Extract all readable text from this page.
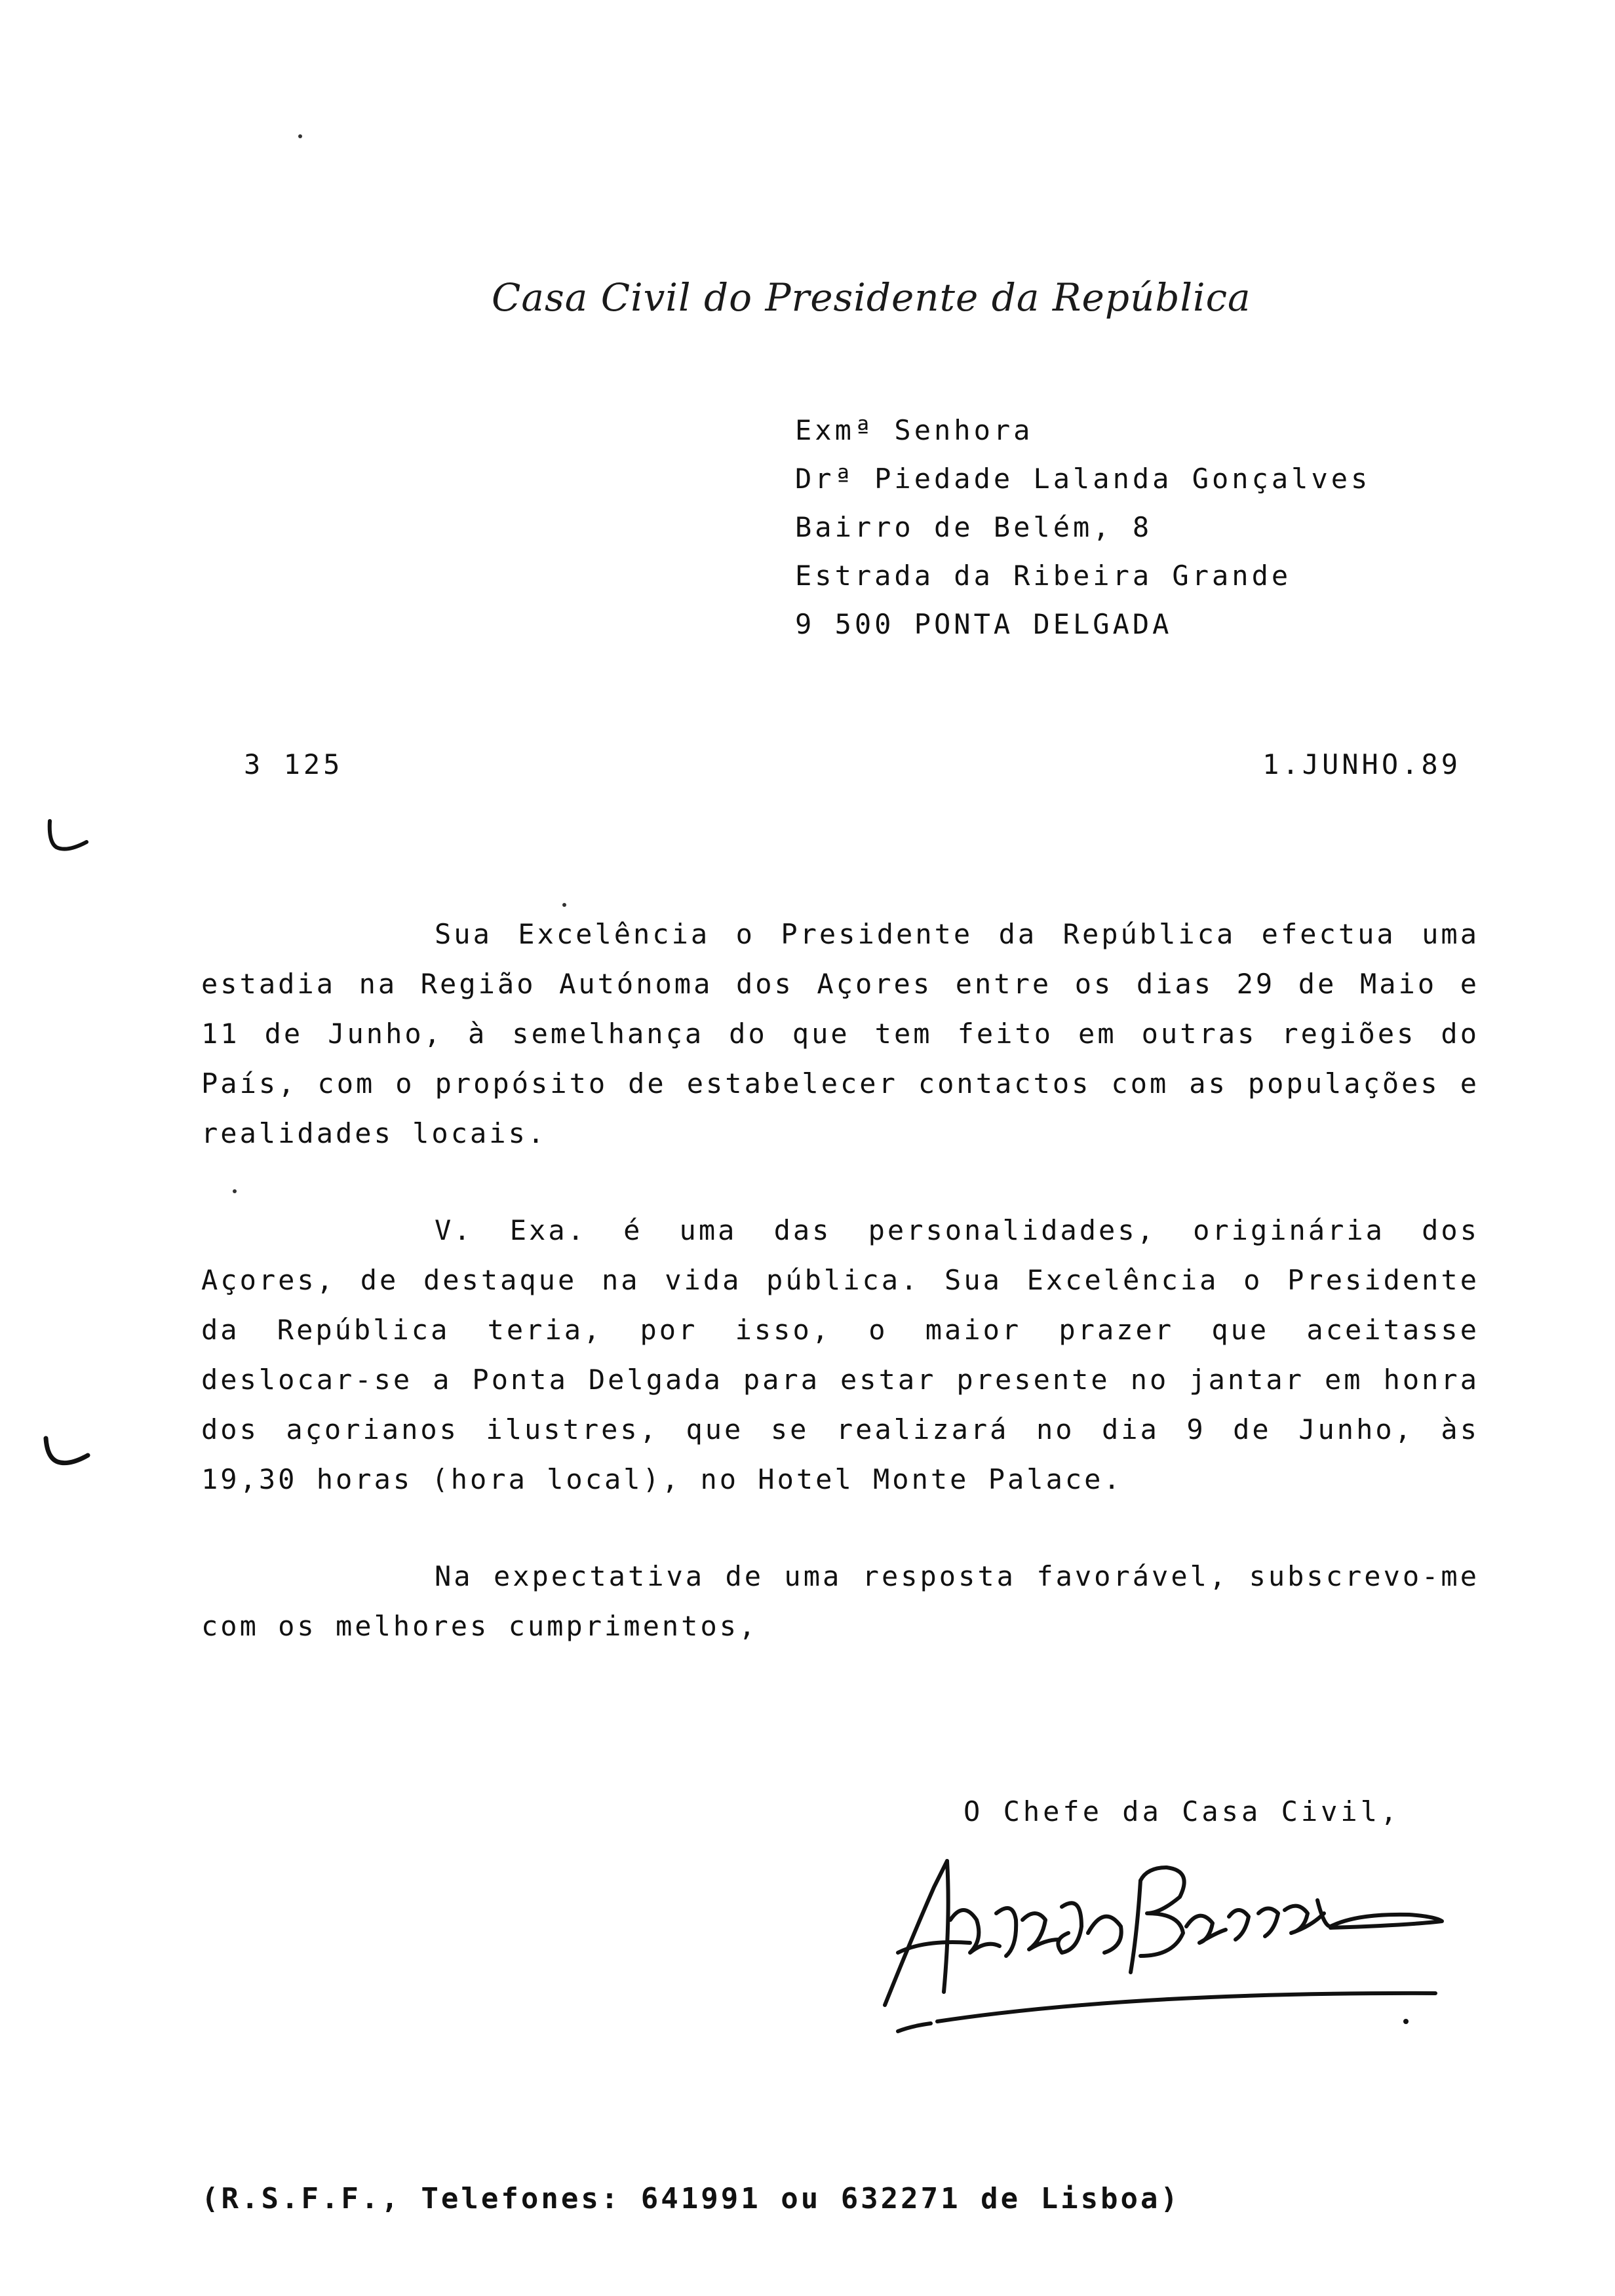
Casa Civil do Presidente da República
Exmª Senhora
Drª Piedade Lalanda Gonçalves
Bairro de Belém, 8
Estrada da Ribeira Grande
9 500 PONTA DELGADA
3 125	1.JUNHO.89

Sua Excelência o Presidente da República efectua uma estadia na Região Autónoma dos Açores entre os dias 29 de Maio e 11 de Junho, à semelhança do que tem feito em outras regiões do País, com o propósito de estabelecer contactos com as populações e realidades locais.

V. Exa. é uma das personalidades, originária dos Açores, de destaque na vida pública. Sua Excelência o Presidente da República teria, por isso, o maior prazer que aceitasse deslocar-se a Ponta Delgada para estar presente no jantar em honra dos açorianos ilustres, que se realizará no dia 9 de Junho, às 19,30 horas (hora local), no Hotel Monte Palace.

Na expectativa de uma resposta favorável, subscrevo-me com os melhores cumprimentos,

O Chefe da Casa Civil,
(R.S.F.F., Telefones: 641991 ou 632271 de Lisboa)
